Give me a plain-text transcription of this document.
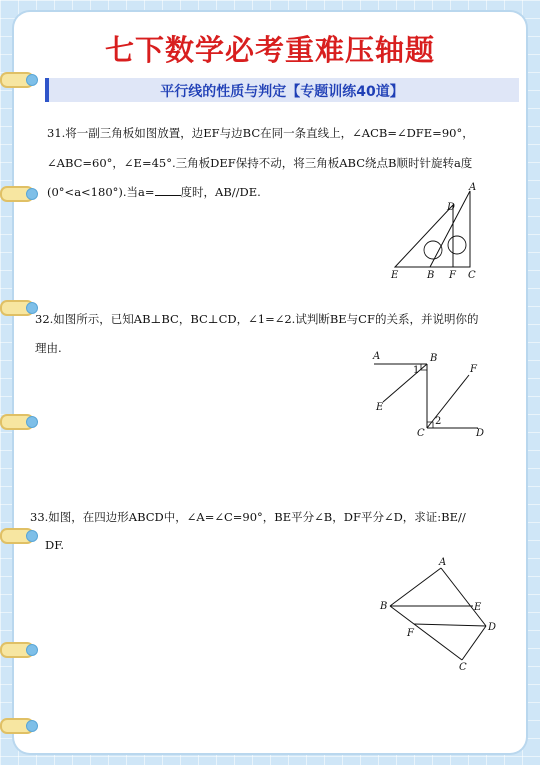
七下数学必考重难压轴题
平行线的性质与判定【专题训练40道】
31.将一副三角板如图放置，边EF与边BC在同一条直线上，∠ACB=∠DFE=90°，
∠ABC=60°，∠E=45°.三角板DEF保持不动，将三角板ABC绕点B顺时针旋转a度
(0°<a<180°).当a= 度时，AB//DE.	A
D
E	B F C
32.如图所示，已知AB⊥BC，BC⊥CD，∠1=∠2.试判断BE与CF的关系，并说明你的
理由.
A	B
1	F
E
C
2
D
33.如图，在四边形ABCD中，∠A=∠C=90°，BE平分∠B，DF平分∠D，求证:BE//
DF.
A
B	E
F
D
C
